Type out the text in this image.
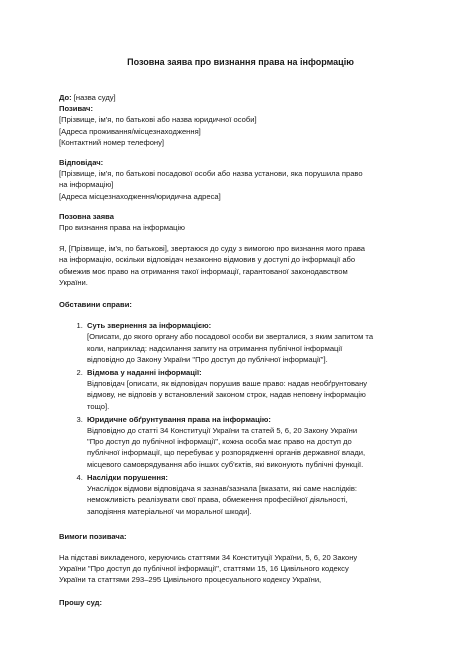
Позовна заява про визнання права на інформацію
До: [назва суду]
Позивач:
[Прізвище, ім'я, по батькові або назва юридичної особи]
[Адреса проживання/місцезнаходження]
[Контактний номер телефону]
Відповідач:
[Прізвище, ім'я, по батькові посадової особи або назва установи, яка порушила право
на інформацію]
[Адреса місцезнаходження/юридична адреса]
Позовна заява
Про визнання права на інформацію
Я, [Прізвище, ім'я, по батькові], звертаюся до суду з вимогою про визнання мого права
на інформацію, оскільки відповідач незаконно відмовив у доступі до інформації або
обмежив моє право на отримання такої інформації, гарантованої законодавством
України.
Обставини справи:
1. Суть звернення за інформацією:
[Описати, до якого органу або посадової особи ви зверталися, з яким запитом та
коли, наприклад: надсилання запиту на отримання публічної інформації
відповідно до Закону України "Про доступ до публічної інформації"].
2. Відмова у наданні інформації:
Відповідач [описати, як відповідач порушив ваше право: надав необґрунтовану
відмову, не відповів у встановлений законом строк, надав неповну інформацію
тощо].
3. Юридичне обґрунтування права на інформацію:
Відповідно до статті 34 Конституції України та статей 5, 6, 20 Закону України
"Про доступ до публічної інформації", кожна особа має право на доступ до
публічної інформації, що перебуває у розпорядженні органів державної влади,
місцевого самоврядування або інших суб'єктів, які виконують публічні функції.
4. Наслідки порушення:
Унаслідок відмови відповідача я зазнав/зазнала [вказати, які саме наслідків:
неможливість реалізувати свої права, обмеження професійної діяльності,
заподіяння матеріальної чи моральної шкоди].
Вимоги позивача:
На підставі викладеного, керуючись статтями 34 Конституції України, 5, 6, 20 Закону
України "Про доступ до публічної інформації", статтями 15, 16 Цивільного кодексу
України та статтями 293–295 Цивільного процесуального кодексу України,
Прошу суд:
